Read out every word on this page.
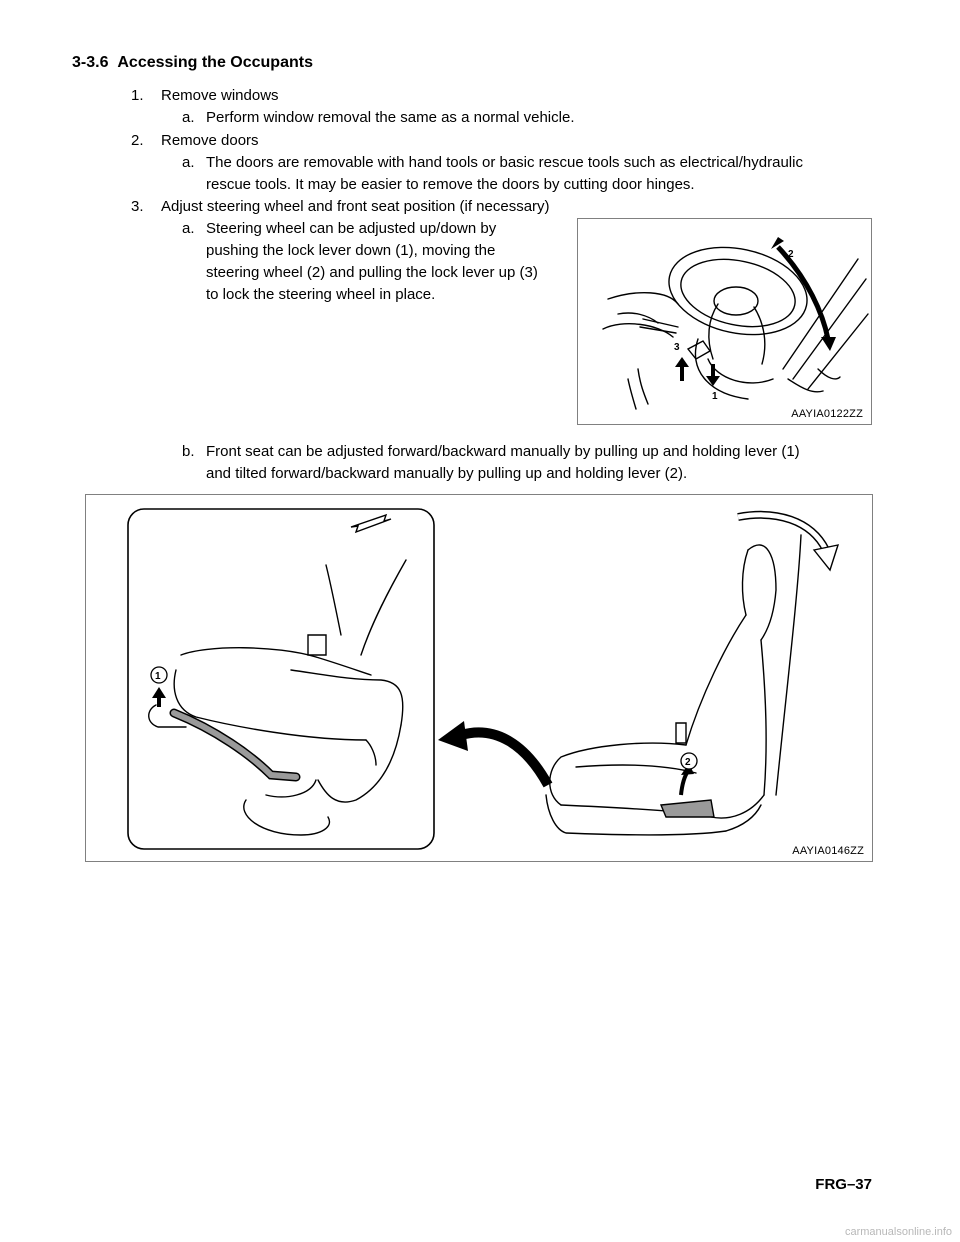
3-3.6 Accessing the Occupants
1. Remove windows
a. Perform window removal the same as a normal vehicle.
2. Remove doors
a. The doors are removable with hand tools or basic rescue tools such as electrical/hydraulic
rescue tools. It may be easier to remove the doors by cutting door hinges.
3. Adjust steering wheel and front seat position (if necessary)
a. Steering wheel can be adjusted up/down by
pushing the lock lever down (1), moving the
steering wheel (2) and pulling the lock lever up (3)
to lock the steering wheel in place.
b. Front seat can be adjusted forward/backward manually by pulling up and holding lever (1)
and tilted forward/backward manually by pulling up and holding lever (2).
2
3
1
AAYIA0122ZZ
1
2
AAYIA0146ZZ
FRG–37
carmanualsonline.info
